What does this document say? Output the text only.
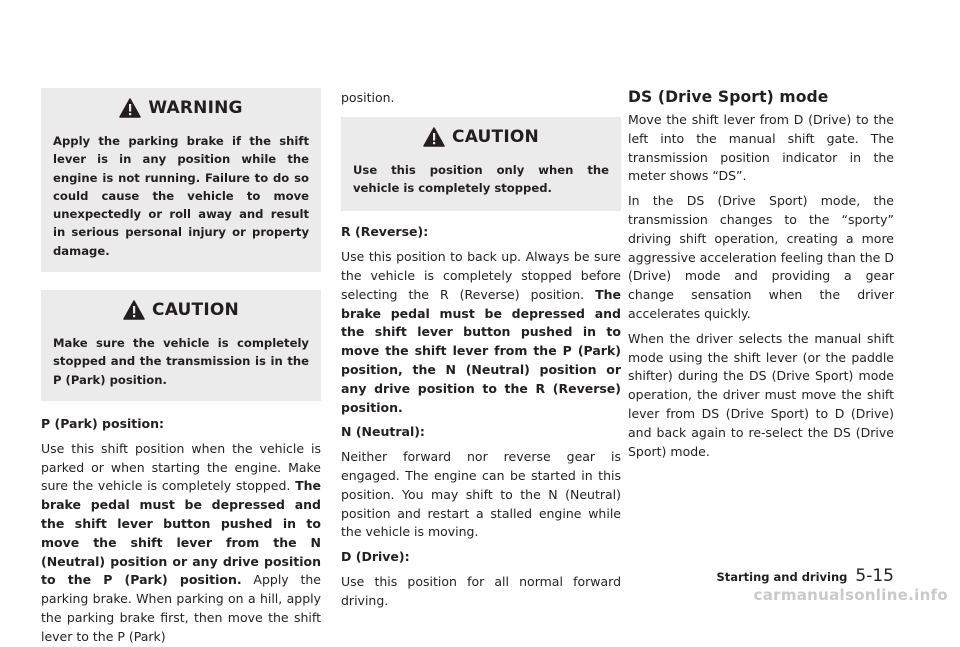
WARNING

Apply the parking brake if the shift lever is in any position while the engine is not running. Failure to do so could cause the vehicle to move unexpectedly or roll away and result in serious personal injury or property damage.

CAUTION

Make sure the vehicle is completely stopped and the transmission is in the P (Park) position.

P (Park) position:

Use this shift position when the vehicle is parked or when starting the engine. Make sure the vehicle is completely stopped. The brake pedal must be depressed and the shift lever button pushed in to move the shift lever from the N (Neutral) position or any drive position to the P (Park) position. Apply the parking brake. When parking on a hill, apply the parking brake first, then move the shift lever to the P (Park)

position.

CAUTION

Use this position only when the vehicle is completely stopped.

R (Reverse):

Use this position to back up. Always be sure the vehicle is completely stopped before selecting the R (Reverse) position. The brake pedal must be depressed and the shift lever button pushed in to move the shift lever from the P (Park) position, the N (Neutral) position or any drive position to the R (Reverse) position.

N (Neutral):

Neither forward nor reverse gear is engaged. The engine can be started in this position. You may shift to the N (Neutral) position and restart a stalled engine while the vehicle is moving.

D (Drive):

Use this position for all normal forward driving.

DS (Drive Sport) mode

Move the shift lever from D (Drive) to the left into the manual shift gate. The transmission position indicator in the meter shows “DS”.

In the DS (Drive Sport) mode, the transmission changes to the “sporty” driving shift operation, creating a more aggressive acceleration feeling than the D (Drive) mode and providing a gear change sensation when the driver accelerates quickly.

When the driver selects the manual shift mode using the shift lever (or the paddle shifter) during the DS (Drive Sport) mode operation, the driver must move the shift lever from DS (Drive Sport) to D (Drive) and back again to re-select the DS (Drive Sport) mode.

Starting and driving 5-15
carmanualsonline.info
